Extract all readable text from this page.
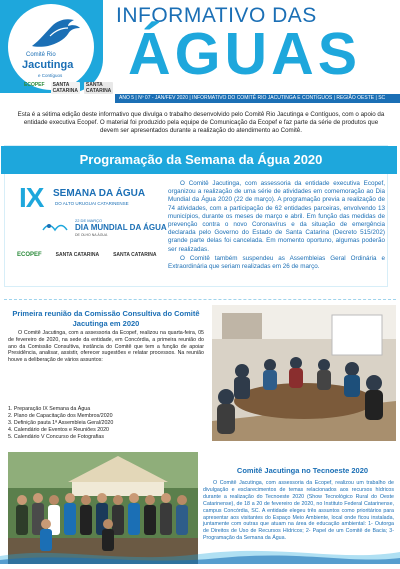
Comitê Rio
Jacutinga
e Contíguos
ECOPEF	SANTA CATARINA
SANTA CATARINA
INFORMATIVO DAS
ÁGUAS
ANO 5 | Nº 07 - JAN/FEV 2020 | INFORMATIVO DO COMITÊ RIO JACUTINGA E CONTÍGUOS | REGIÃO OESTE | SC
Esta é a sétima edição deste informativo que divulga o trabalho desenvolvido pelo Comitê Rio Jacutinga e Contíguos, com o apoio da entidade executiva Ecopef. O material foi produzido pela equipe de Comunicação da Ecopef e faz parte da série de produtos que devem ser apresentados durante a realização do atendimento ao Comitê.
Programação da Semana da Água 2020
IX SEMANA DA ÁGUA
DO ALTO URUGUAI CATARINENSE
22 DE MARÇO
DIA MUNDIAL DA ÁGUA
DE OLHO NA ÁGUA
ECOPEF	SANTA CATARINA	SANTA CATARINA

O Comitê Jacutinga, com assessoria da entidade executiva Ecopef, organizou a realização de uma série de atividades em comemoração ao Dia Mundial da Água 2020 (22 de março). A programação previa a realização de 74 atividades, com a participação de 62 entidades parceiras, envolvendo 13 municípios, durante os meses de março e abril. Em função das medidas de prevenção contra o novo Coronavírus e da situação de emergência declarada pelo Governo do Estado de Santa Catarina (Decreto 515/202) grande parte delas foi cancelada. Em momento oportuno, algumas poderão ser realizadas.

O Comitê também suspendeu as Assembleias Geral Ordinária e Extraordinária que seriam realizadas em 26 de março.

Primeira reunião da Comissão Consultiva do Comitê Jacutinga em 2020

O Comitê Jacutinga, com a assessoria da Ecopef, realizou na quarta-feira, 05 de fevereiro de 2020, na sede da entidade, em Concórdia, a primeira reunião do ano da Comissão Consultiva, instância do Comitê que tem a função de apoiar Presidência, analisar, assistir, oferecer sugestões e relatar processos. Na reunião houve a deliberação de vários assuntos:

1. Preparação IX Semana da Água
2. Plano de Capacitação dos Membros/2020
3. Definição pauta 1ª Assembleia Geral/2020
4. Calendário de Eventos e Reuniões 2020
5. Calendário V Concurso de Fotografias
Comitê Jacutinga no Tecnoeste 2020

O Comitê Jacutinga, com assessoria da Ecopef, realizou um trabalho de divulgação e esclarecimentos de temas relacionados aos recursos hídricos durante a realização do Tecnoeste 2020 (Show Tecnológico Rural do Oeste Catarinense), de 18 a 20 de fevereiro de 2020, no Instituto Federal Catarinense, campus Concórdia, SC. A entidade elegeu três assuntos como prioritários para apresentar aos visitantes do Espaço Meio Ambiente, local onde ficou instalada, juntamente com outras que atuam na área de educação ambiental: 1- Outorga de Direitos de Uso de Recursos Hídricos; 2- Papel de um Comitê de Bacia; 3- Programação da Semana da Água.
